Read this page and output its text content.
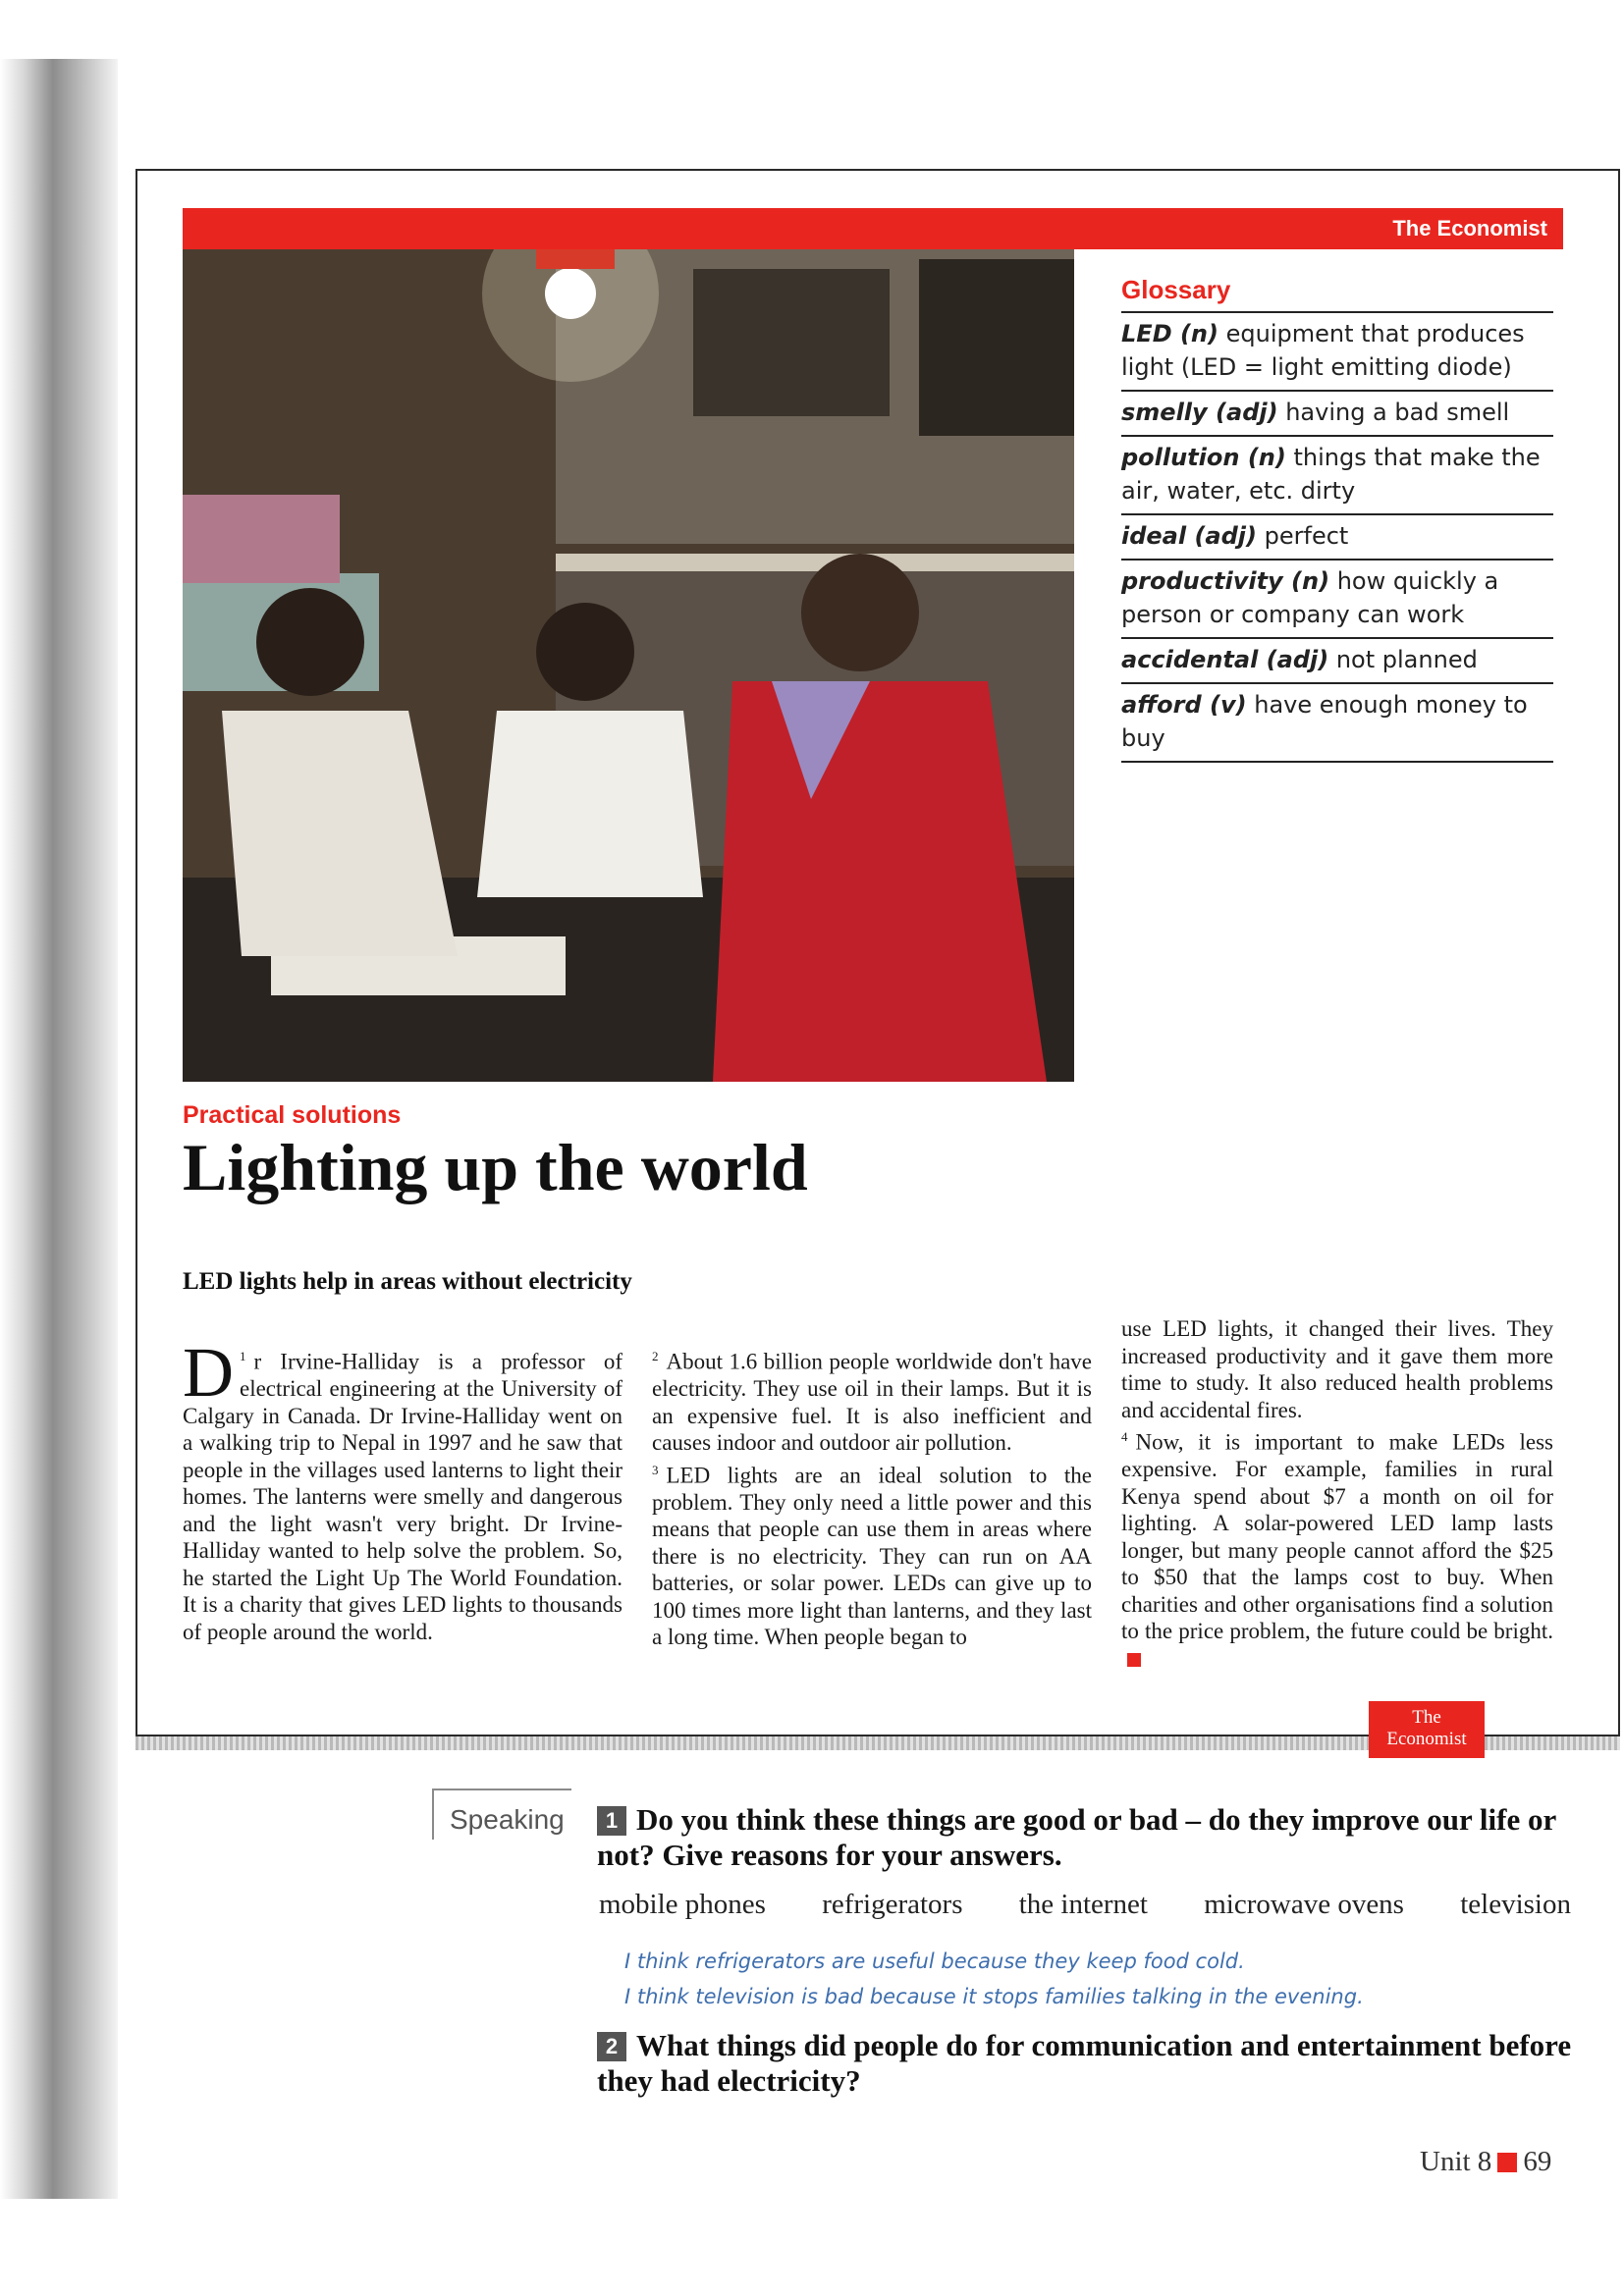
The Economist
Glossary
LED (n) equipment that produces light (LED = light emitting diode)
smelly (adj) having a bad smell
pollution (n) things that make the air, water, etc. dirty
ideal (adj) perfect
productivity (n) how quickly a person or company can work
accidental (adj) not planned
afford (v) have enough money to buy
Practical solutions
Lighting up the world
LED lights help in areas without electricity

$^1$
D r Irvine-Halliday is a professor of electrical engineering at the University of Calgary in Canada. Dr Irvine-Halliday went on a walking trip to Nepal in 1997 and he saw that people in the villages used lanterns to light their homes. The lanterns were smelly and dangerous and the light wasn't very bright. Dr Irvine-Halliday wanted to help solve the problem. So, he started the Light Up The World Foundation. It is a charity that gives LED lights to thousands of people around the world.

$^2$ About 1.6 billion people worldwide don't have electricity. They use oil in their lamps. But it is an expensive fuel. It is also inefficient and causes indoor and outdoor air pollution.

$^3$ LED lights are an ideal solution to the problem. They only need a little power and this means that people can use them in areas where there is no electricity. They can run on AA batteries, or solar power. LEDs can give up to 100 times more light than lanterns, and they last a long time. When people began to

use LED lights, it changed their lives. They increased productivity and it gave them more time to study. It also reduced health problems and accidental fires.

$^4$ Now, it is important to make LEDs less expensive. For example, families in rural Kenya spend about $7 a month on oil for lighting. A solar-powered LED lamp lasts longer, but many people cannot afford the $25 to $50 that the lamps cost to buy. When charities and other organisations find a solution to the price problem, the future could be bright.

The
Economist
Speaking	1 Do you think these things are good or bad – do they improve our life or not? Give reasons for your answers.
mobile phones refrigerators the internet microwave ovens television
I think refrigerators are useful because they keep food cold.
I think television is bad because it stops families talking in the evening.
2 What things did people do for communication and entertainment before they had electricity?
Unit 8 69
